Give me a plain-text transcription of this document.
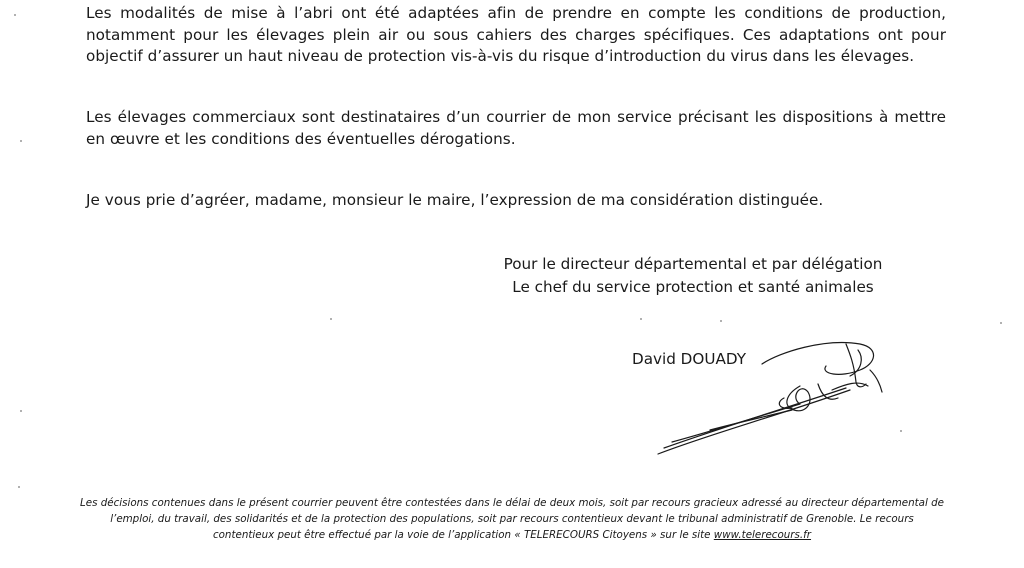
Les modalités de mise à l’abri ont été adaptées afin de prendre en compte les conditions de production, notamment pour les élevages plein air ou sous cahiers des charges spécifiques. Ces adaptations ont pour objectif d’assurer un haut niveau de protection vis-à-vis du risque d’introduction du virus dans les élevages.
Les élevages commerciaux sont destinataires d’un courrier de mon service précisant les dispositions à mettre en œuvre et les conditions des éventuelles dérogations.
Je vous prie d’agréer, madame, monsieur le maire, l’expression de ma considération distinguée.
Pour le directeur départemental et par délégation
Le chef du service protection et santé animales
David DOUADY
Les décisions contenues dans le présent courrier peuvent être contestées dans le délai de deux mois, soit par recours gracieux adressé au directeur départemental de l’emploi, du travail, des solidarités et de la protection des populations, soit par recours contentieux devant le tribunal administratif de Grenoble. Le recours contentieux peut être effectué par la voie de l’application « TELERECOURS Citoyens » sur le site www.telerecours.fr
